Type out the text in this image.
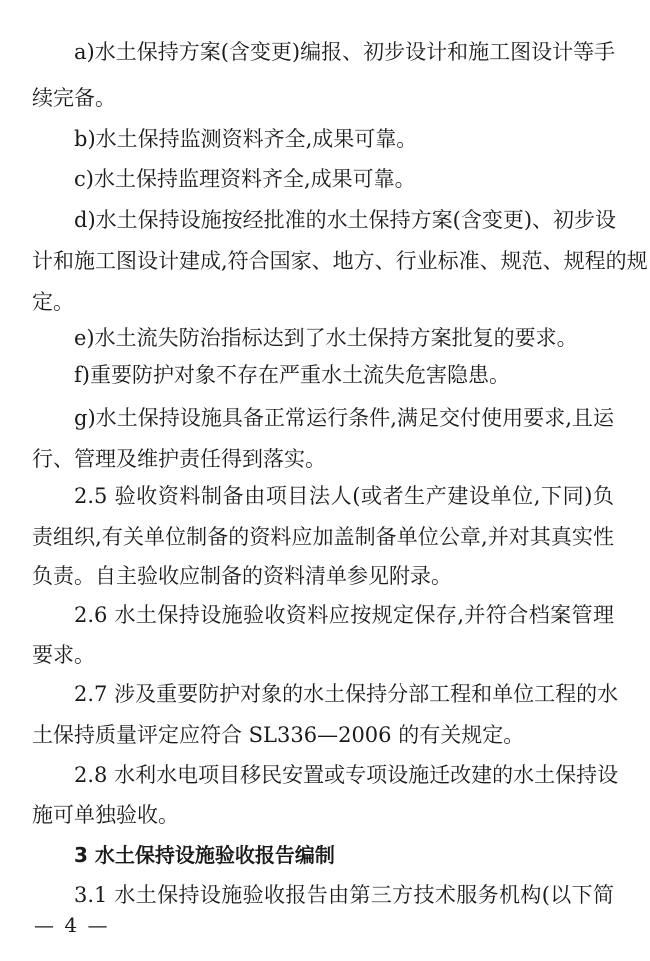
a)水土保持方案(含变更)编报、初步设计和施工图设计等手
续完备。
b)水土保持监测资料齐全,成果可靠。
c)水土保持监理资料齐全,成果可靠。
d)水土保持设施按经批准的水土保持方案(含变更)、初步设
计和施工图设计建成,符合国家、地方、行业标准、规范、规程的规
定。
e)水土流失防治指标达到了水土保持方案批复的要求。
f)重要防护对象不存在严重水土流失危害隐患。
g)水土保持设施具备正常运行条件,满足交付使用要求,且运
行、管理及维护责任得到落实。
2.5 验收资料制备由项目法人(或者生产建设单位,下同)负
责组织,有关单位制备的资料应加盖制备单位公章,并对其真实性
负责。自主验收应制备的资料清单参见附录。
2.6 水土保持设施验收资料应按规定保存,并符合档案管理
要求。
2.7 涉及重要防护对象的水土保持分部工程和单位工程的水
土保持质量评定应符合 SL336—2006 的有关规定。
2.8 水利水电项目移民安置或专项设施迁改建的水土保持设
施可单独验收。
3 水土保持设施验收报告编制
3.1 水土保持设施验收报告由第三方技术服务机构(以下简
— 4 —
